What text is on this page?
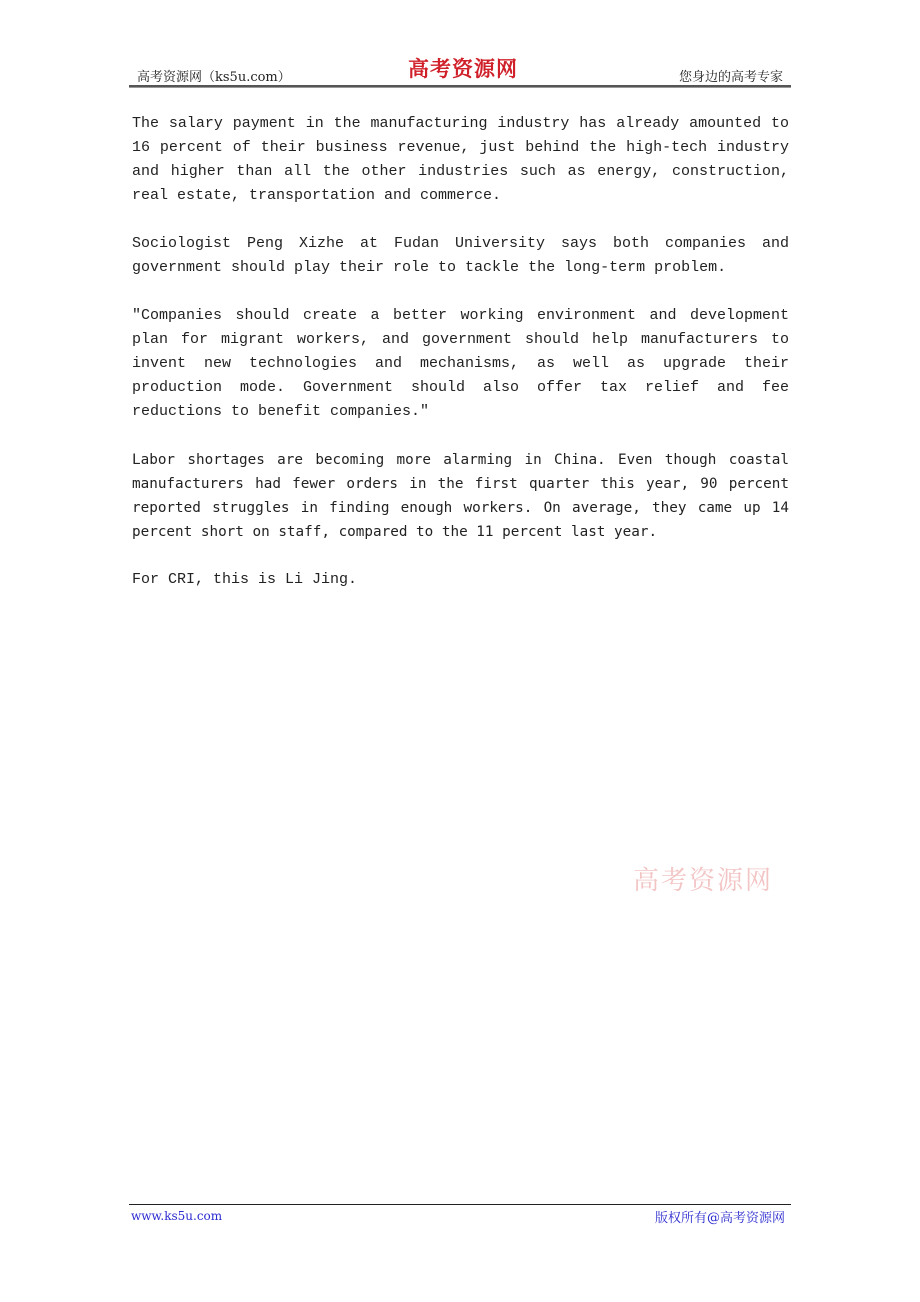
高考资源网（ks5u.com）	高考资源网	您身边的高考专家

The salary payment in the manufacturing industry has already amounted to 16 percent of their business revenue, just behind the high-tech industry and higher than all the other industries such as energy, construction, real estate, transportation and commerce.

Sociologist Peng Xizhe at Fudan University says both companies and government should play their role to tackle the long-term problem.

"Companies should create a better working environment and development plan for migrant workers, and government should help manufacturers to invent new technologies and mechanisms, as well as upgrade their production mode. Government should also offer tax relief and fee reductions to benefit companies."

Labor shortages are becoming more alarming in China. Even though coastal manufacturers had fewer orders in the first quarter this year, 90 percent reported struggles in finding enough workers. On average, they came up 14 percent short on staff, compared to the 11 percent last year.

For CRI, this is Li Jing.

高考资源网
www.ks5u.com	版权所有@高考资源网
